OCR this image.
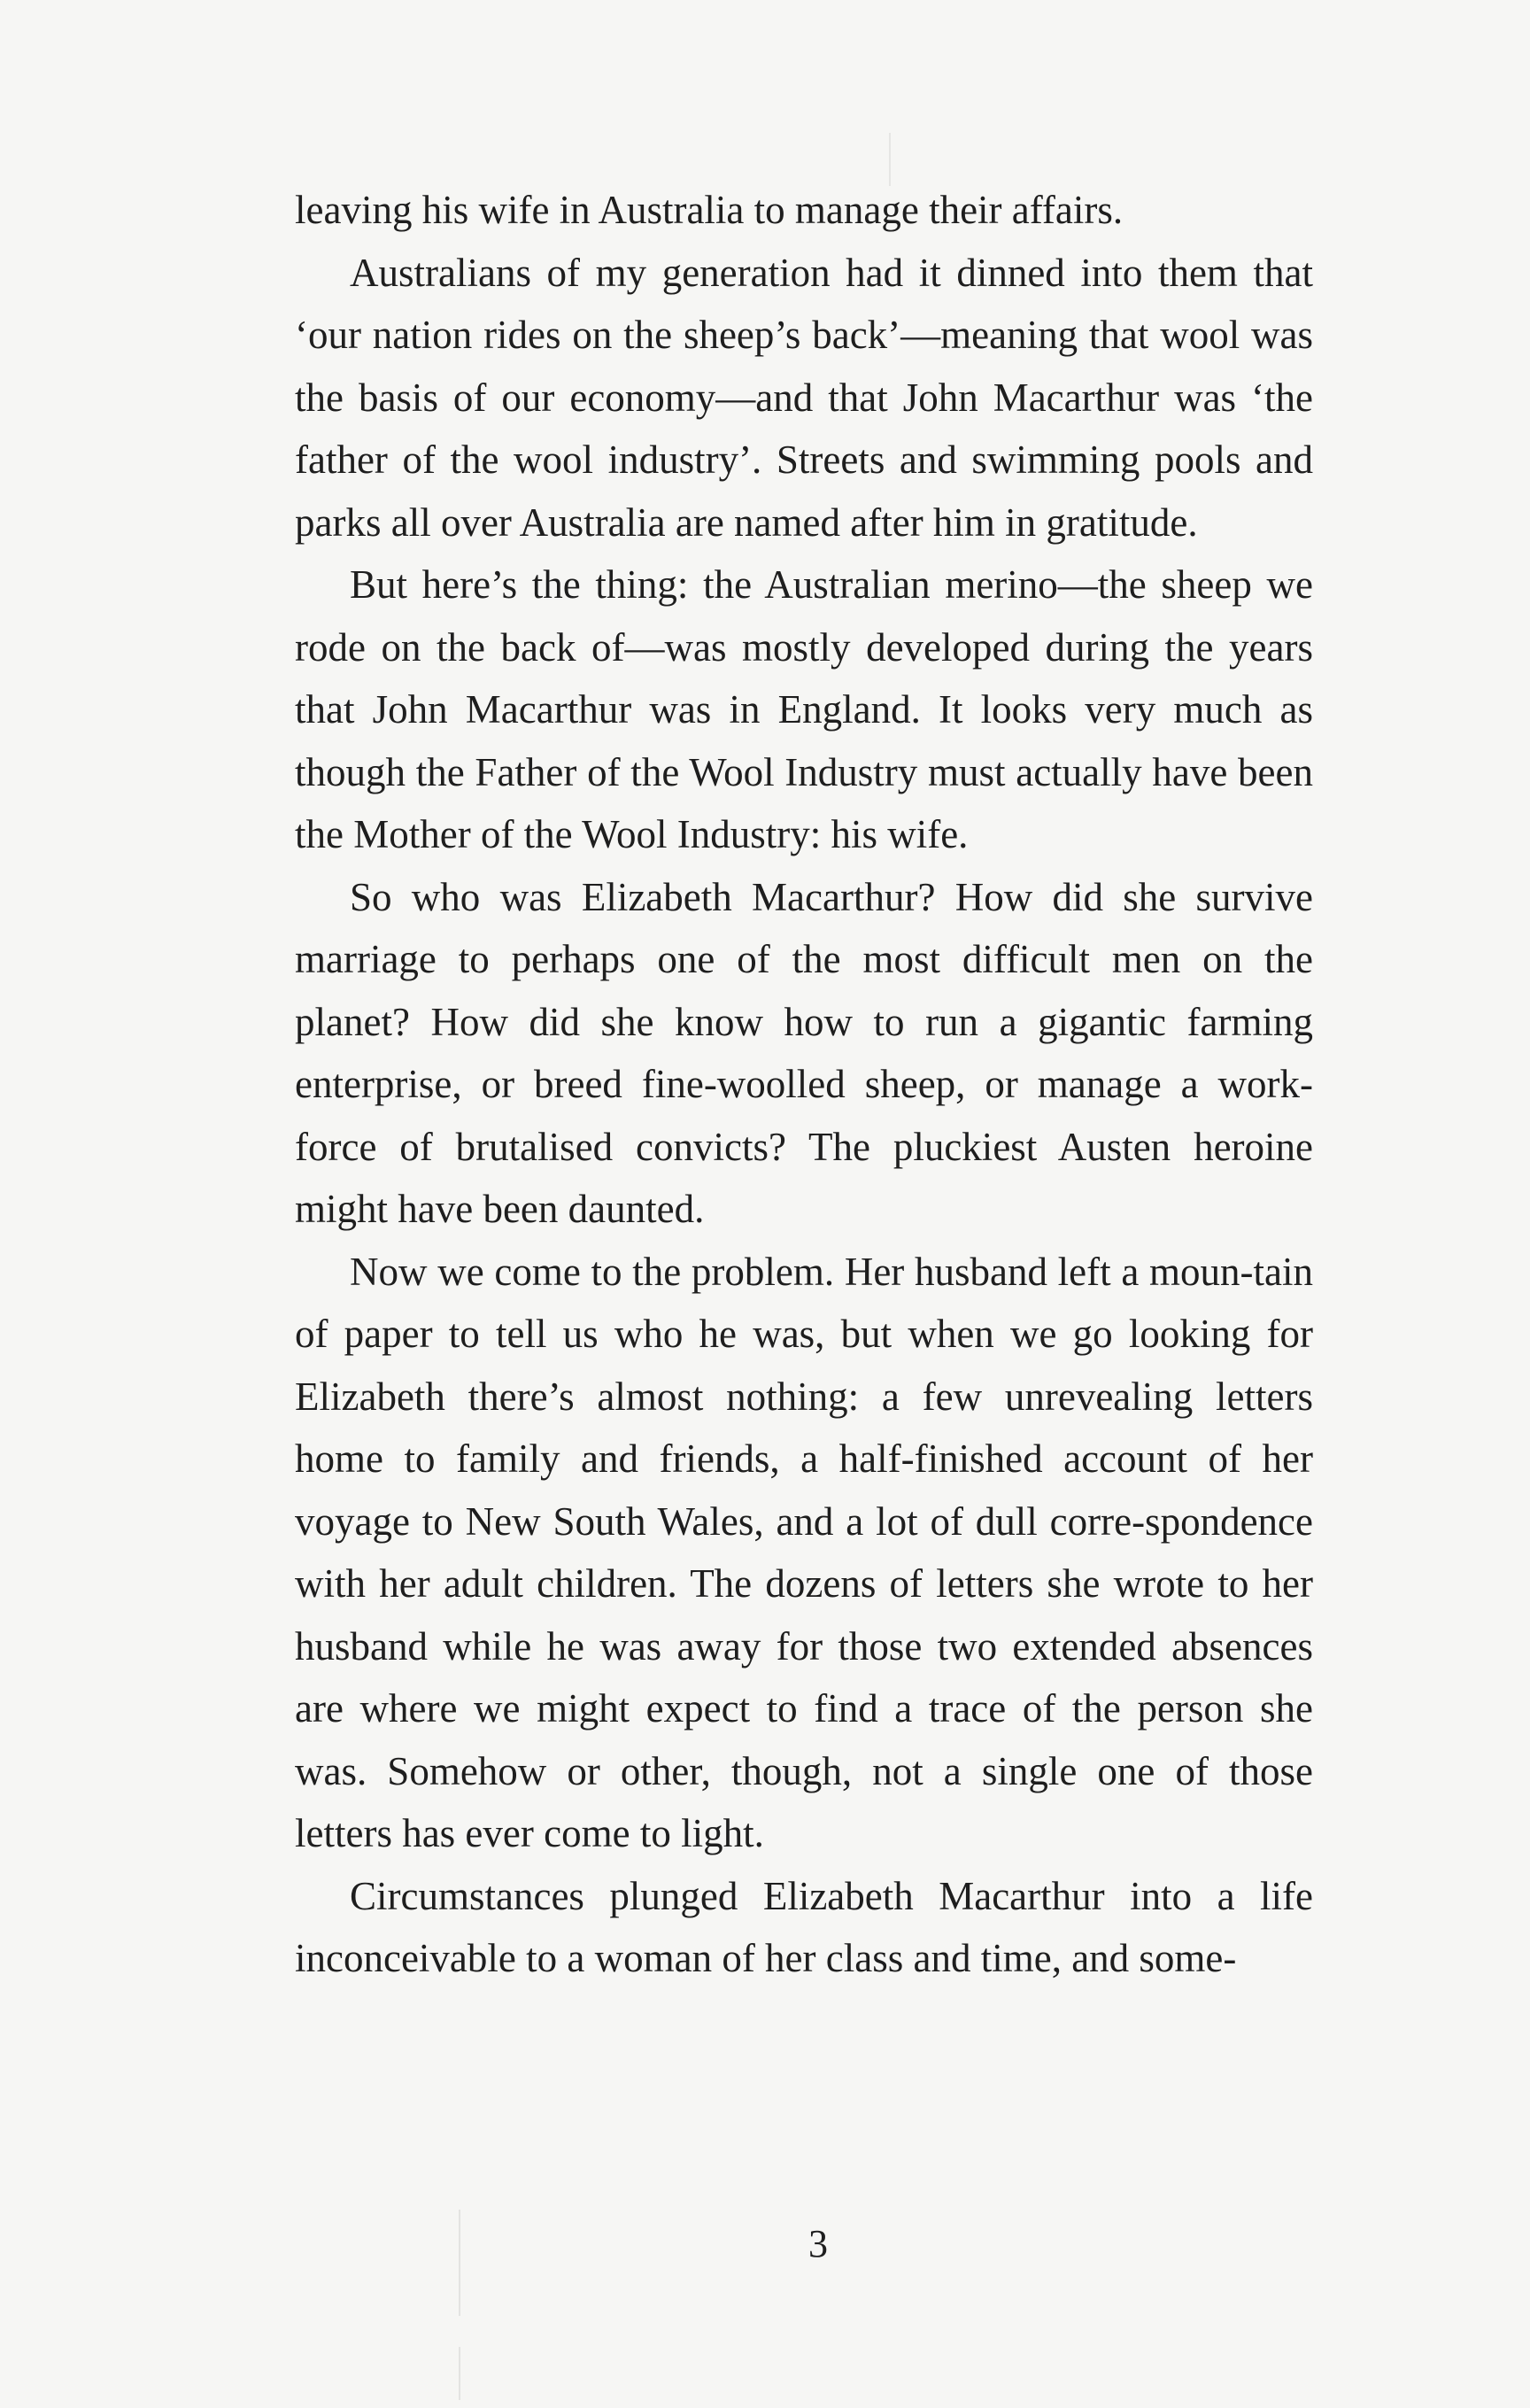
leaving his wife in Australia to manage their affairs.

Australians of my generation had it dinned into them that ‘our nation rides on the sheep’s back’—meaning that wool was the basis of our economy—and that John Macarthur was ‘the father of the wool industry’. Streets and swimming pools and parks all over Australia are named after him in gratitude.

But here’s the thing: the Australian merino—the sheep we rode on the back of—was mostly developed during the years that John Macarthur was in England. It looks very much as though the Father of the Wool Industry must actually have been the Mother of the Wool Industry: his wife.

So who was Elizabeth Macarthur? How did she survive marriage to perhaps one of the most difficult men on the planet? How did she know how to run a gigantic farming enterprise, or breed fine-woolled sheep, or manage a work-force of brutalised convicts? The pluckiest Austen heroine might have been daunted.

Now we come to the problem. Her husband left a moun-tain of paper to tell us who he was, but when we go looking for Elizabeth there’s almost nothing: a few unrevealing letters home to family and friends, a half-finished account of her voyage to New South Wales, and a lot of dull corre-spondence with her adult children. The dozens of letters she wrote to her husband while he was away for those two extended absences are where we might expect to find a trace of the person she was. Somehow or other, though, not a single one of those letters has ever come to light.

Circumstances plunged Elizabeth Macarthur into a life inconceivable to a woman of her class and time, and some-

3
